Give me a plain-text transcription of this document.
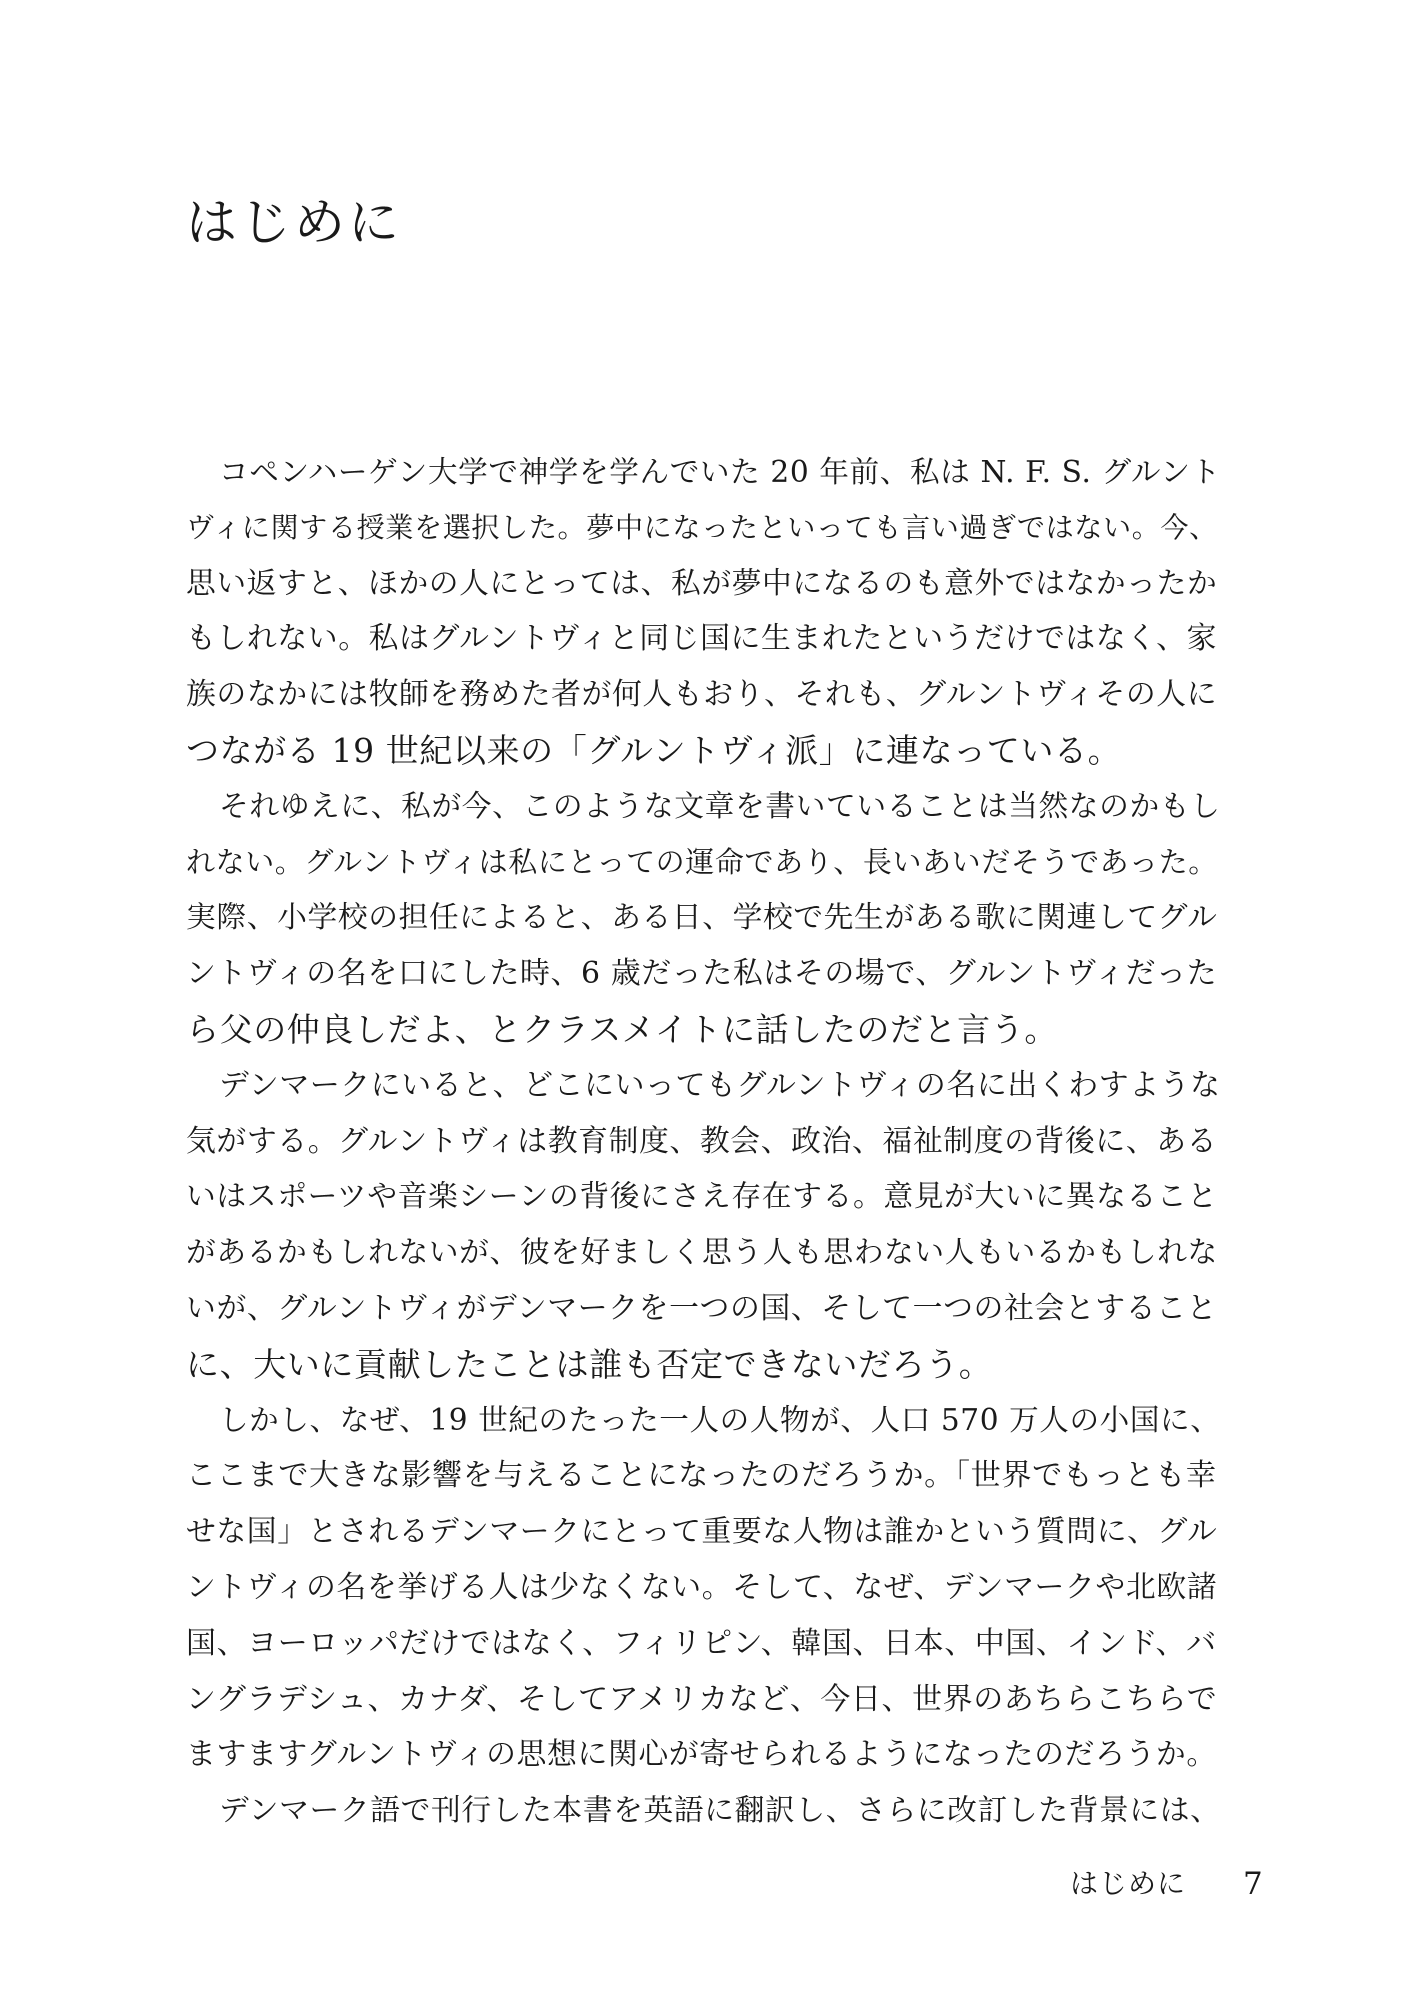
はじめに
コペンハーゲン大学で神学を学んでいた 20 年前、私は N. F. S. グルント
ヴィに関する授業を選択した。夢中になったといっても言い過ぎではない。今、
思い返すと、ほかの人にとっては、私が夢中になるのも意外ではなかったか
もしれない。私はグルントヴィと同じ国に生まれたというだけではなく、家
族のなかには牧師を務めた者が何人もおり、それも、グルントヴィその人に
つながる 19 世紀以来の「グルントヴィ派」に連なっている。
それゆえに、私が今、このような文章を書いていることは当然なのかもし
れない。グルントヴィは私にとっての運命であり、長いあいだそうであった。
実際、小学校の担任によると、ある日、学校で先生がある歌に関連してグル
ントヴィの名を口にした時、6 歳だった私はその場で、グルントヴィだった
ら父の仲良しだよ、とクラスメイトに話したのだと言う。
デンマークにいると、どこにいってもグルントヴィの名に出くわすような
気がする。グルントヴィは教育制度、教会、政治、福祉制度の背後に、ある
いはスポーツや音楽シーンの背後にさえ存在する。意見が大いに異なること
があるかもしれないが、彼を好ましく思う人も思わない人もいるかもしれな
いが、グルントヴィがデンマークを一つの国、そして一つの社会とすること
に、大いに貢献したことは誰も否定できないだろう。
しかし、なぜ、19 世紀のたった一人の人物が、人口 570 万人の小国に、
ここまで大きな影響を与えることになったのだろうか。「世界でもっとも幸
せな国」とされるデンマークにとって重要な人物は誰かという質問に、グル
ントヴィの名を挙げる人は少なくない。そして、なぜ、デンマークや北欧諸
国、ヨーロッパだけではなく、フィリピン、韓国、日本、中国、インド、バ
ングラデシュ、カナダ、そしてアメリカなど、今日、世界のあちらこちらで
ますますグルントヴィの思想に関心が寄せられるようになったのだろうか。
デンマーク語で刊行した本書を英語に翻訳し、さらに改訂した背景には、
はじめに 7
